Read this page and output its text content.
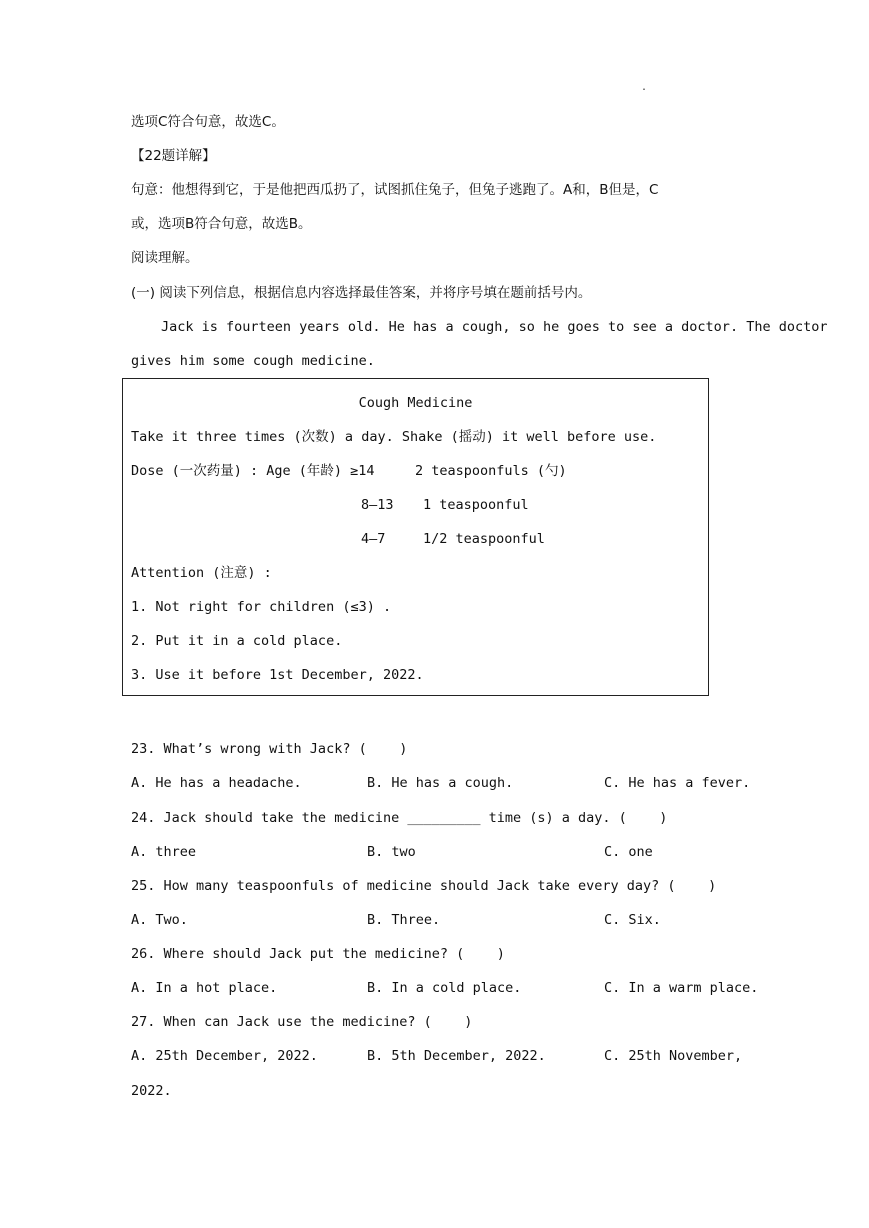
.
选项C符合句意，故选C。
【22题详解】
句意：他想得到它，于是他把西瓜扔了，试图抓住兔子，但兔子逃跑了。A和，B但是，C
或，选项B符合句意，故选B。
阅读理解。
(一) 阅读下列信息，根据信息内容选择最佳答案，并将序号填在题前括号内。
Jack is fourteen years old. He has a cough, so he goes to see a doctor. The doctor
gives him some cough medicine.
Cough Medicine
Take it three times (次数) a day. Shake (摇动) it well before use.
Dose (一次药量) : Age (年龄) ≥14	2 teaspoonfuls (勺)
8—13 1 teaspoonful
4—7	1/2 teaspoonful
Attention (注意) :
1. Not right for children (≤3) .
2. Put it in a cold place.
3. Use it before 1st December, 2022.
23. What’s wrong with Jack? (    )
A. He has a headache.	B. He has a cough.	C. He has a fever.
24. Jack should take the medicine _________ time (s) a day. (    )
A. three	B. two	C. one
25. How many teaspoonfuls of medicine should Jack take every day? (    )
A. Two.	B. Three.	C. Six.
26. Where should Jack put the medicine? (    )
A. In a hot place.	B. In a cold place.	C. In a warm place.
27. When can Jack use the medicine? (    )
A. 25th December, 2022.	B. 5th December, 2022.	C. 25th November,
2022.
